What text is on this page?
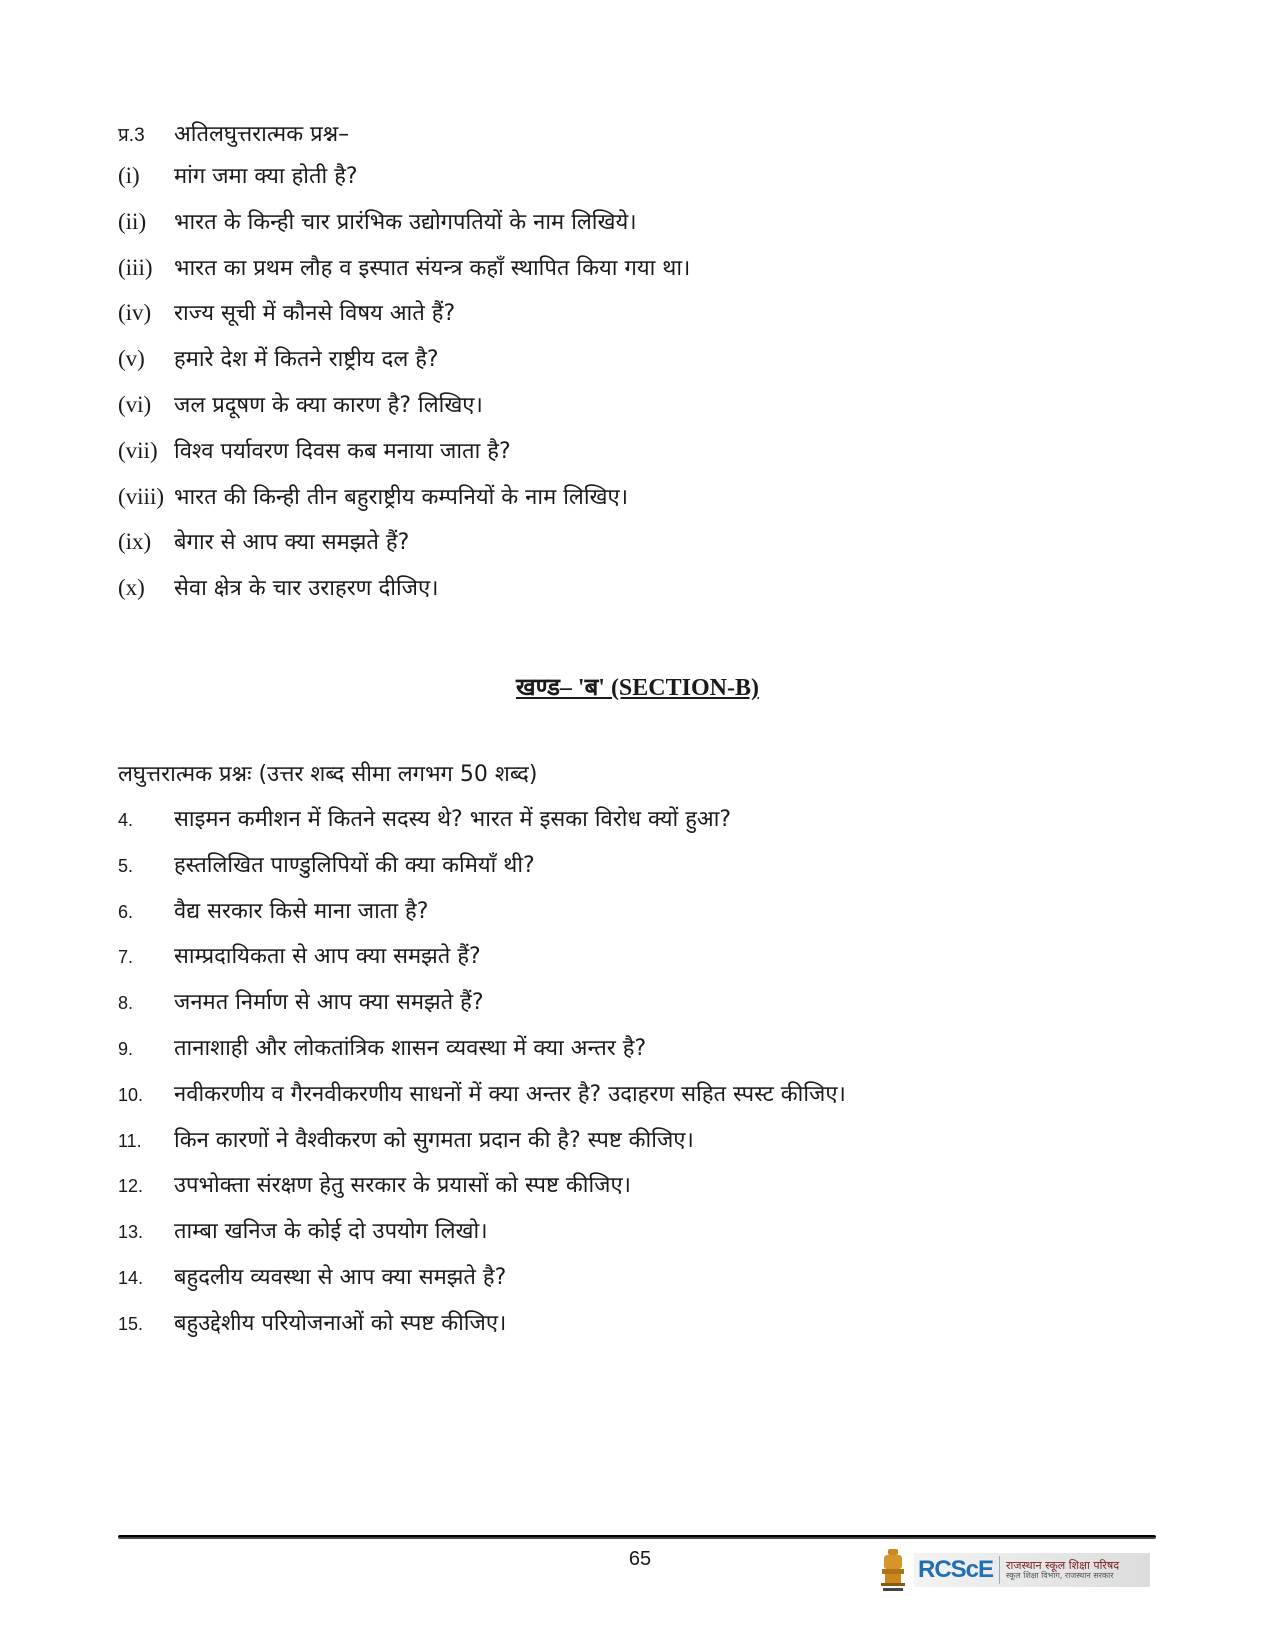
प्र.3	अतिलघुत्तरात्मक प्रश्न–
(i)	मांग जमा क्या होती है?
(ii)	भारत के किन्ही चार प्रारंभिक उद्योगपतियों के नाम लिखिये।
(iii) भारत का प्रथम लौह व इस्पात संयन्त्र कहाँ स्थापित किया गया था।
(iv)	राज्य सूची में कौनसे विषय आते हैं?
(v)	हमारे देश में कितने राष्ट्रीय दल है?
(vi)	जल प्रदूषण के क्या कारण है? लिखिए।
(vii) विश्व पर्यावरण दिवस कब मनाया जाता है?
(viii) भारत की किन्ही तीन बहुराष्ट्रीय कम्पनियों के नाम लिखिए।
(ix)	बेगार से आप क्या समझते हैं?
(x)	सेवा क्षेत्र के चार उराहरण दीजिए।
खण्ड– 'ब' (SECTION-B)
लघुत्तरात्मक प्रश्नः (उत्तर शब्द सीमा लगभग 50 शब्द)
4.	साइमन कमीशन में कितने सदस्य थे? भारत में इसका विरोध क्यों हुआ?
5.	हस्तलिखित पाण्डुलिपियों की क्या कमियाँ थी?
6.	वैद्य सरकार किसे माना जाता है?
7.	साम्प्रदायिकता से आप क्या समझते हैं?
8.	जनमत निर्माण से आप क्या समझते हैं?
9.	तानाशाही और लोकतांत्रिक शासन व्यवस्था में क्या अन्तर है?
10.	नवीकरणीय व गैरनवीकरणीय साधनों में क्या अन्तर है? उदाहरण सहित स्पस्ट कीजिए।
11.	किन कारणों ने वैश्वीकरण को सुगमता प्रदान की है? स्पष्ट कीजिए।
12.	उपभोक्ता संरक्षण हेतु सरकार के प्रयासों को स्पष्ट कीजिए।
13.	ताम्बा खनिज के कोई दो उपयोग लिखो।
14.	बहुदलीय व्यवस्था से आप क्या समझते है?
15.	बहुउद्देशीय परियोजनाओं को स्पष्ट कीजिए।
65	RCScE	राजस्थान स्कूल शिक्षा परिषद
स्कूल शिक्षा विभाग, राजस्थान सरकार
